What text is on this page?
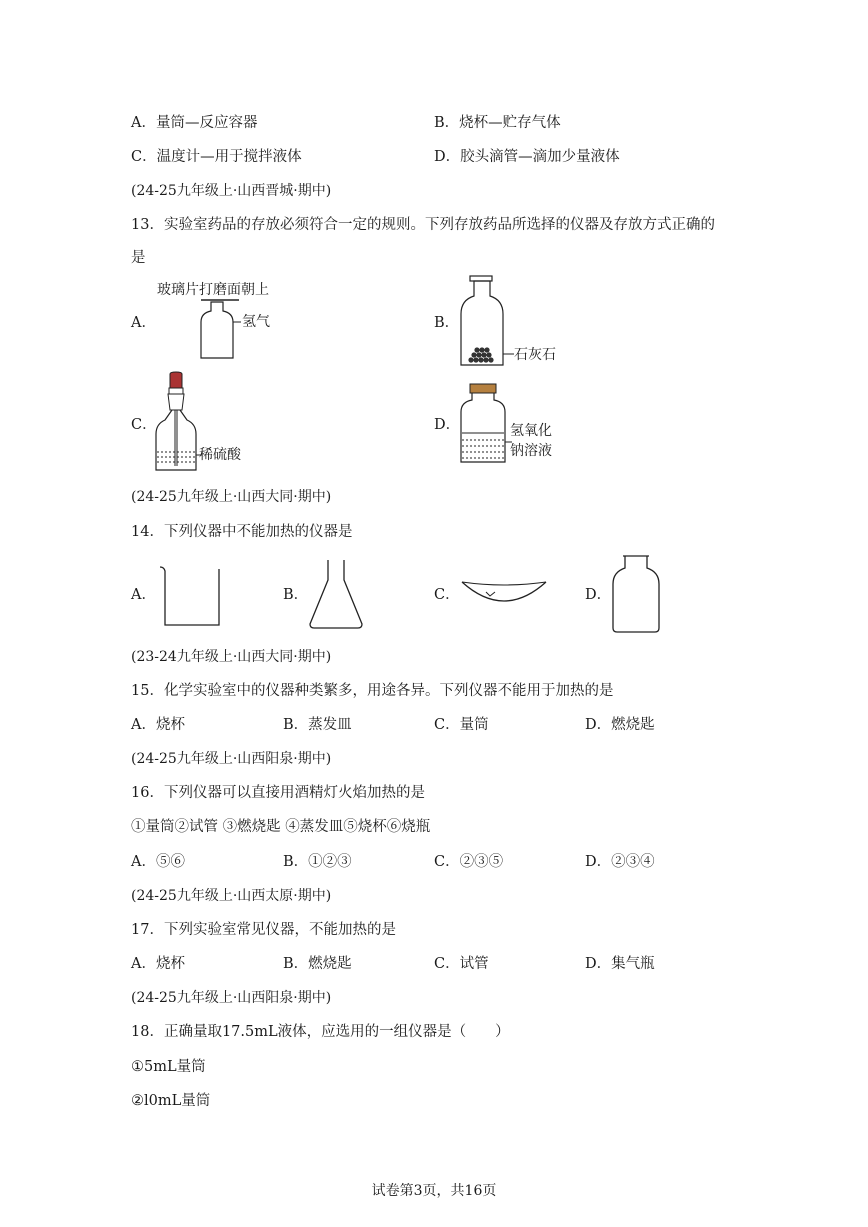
A．量筒—反应容器	B．烧杯—贮存气体
C．温度计—用于搅拌液体	D．胶头滴管—滴加少量液体
(24-25九年级上·山西晋城·期中)
13．实验室药品的存放必须符合一定的规则。下列存放药品所选择的仪器及存放方式正确的
是
玻璃片打磨面朝上
A．	氢气	B．
石灰石
C．
稀硫酸
D．	氢氧化
钠溶液
(24-25九年级上·山西大同·期中)
14．下列仪器中不能加热的仪器是
A．	B．	C．	D．
(23-24九年级上·山西大同·期中)
15．化学实验室中的仪器种类繁多，用途各异。下列仪器不能用于加热的是
A．烧杯	B．蒸发皿	C．量筒	D．燃烧匙
(24-25九年级上·山西阳泉·期中)
16．下列仪器可以直接用酒精灯火焰加热的是
①量筒②试管 ③燃烧匙 ④蒸发皿⑤烧杯⑥烧瓶
A．⑤⑥	B．①②③	C．②③⑤	D．②③④
(24-25九年级上·山西太原·期中)
17．下列实验室常见仪器，不能加热的是
A．烧杯	B．燃烧匙	C．试管	D．集气瓶
(24-25九年级上·山西阳泉·期中)
18．正确量取17.5mL液体，应选用的一组仪器是（　　）
①5mL量筒
②l0mL量筒
试卷第3页，共16页
